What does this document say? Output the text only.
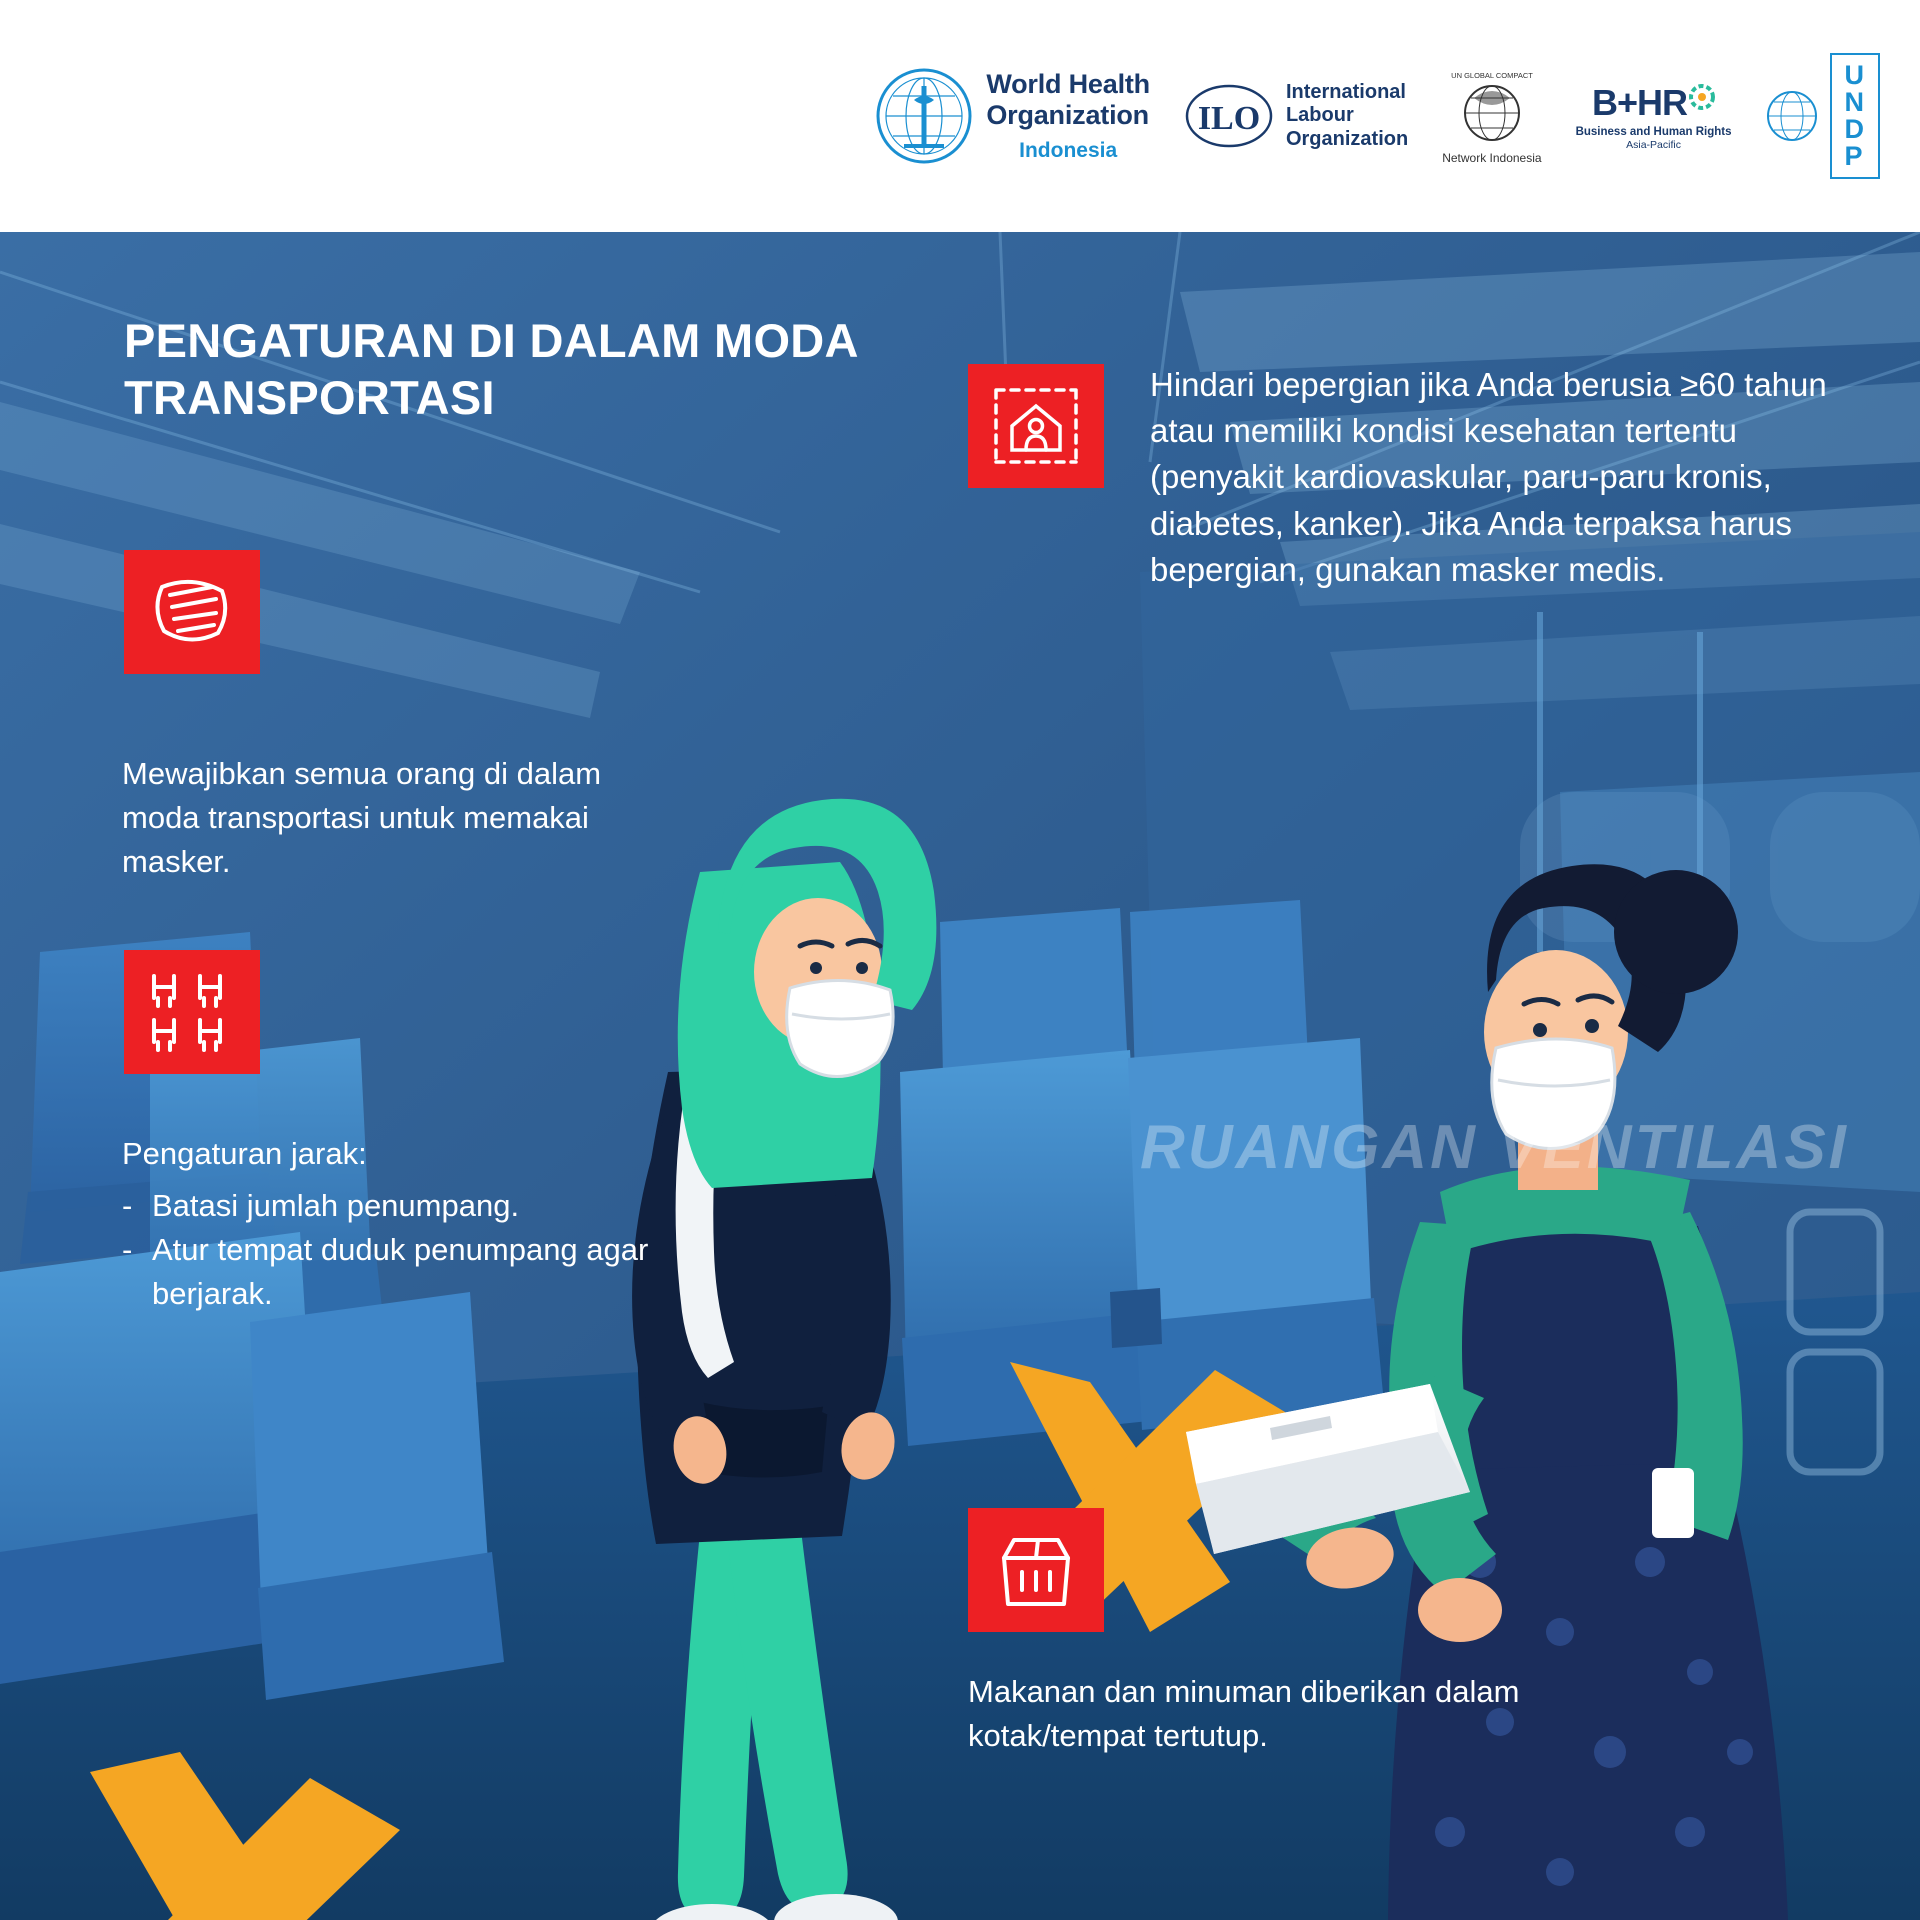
World Health
Organization
Indonesia
ILO
International
Labour
Organization
UN GLOBAL COMPACT
Network Indonesia
B+HR
Business and Human Rights
Asia-Pacific
U
N
D
P
RUANGAN VENTILASI
PENGATURAN DI DALAM MODA TRANSPORTASI
Mewajibkan semua orang di dalam moda transportasi untuk memakai masker.
Pengaturan jarak:
- Batasi jumlah penumpang.
- Atur tempat duduk penumpang agar berjarak.
Hindari bepergian jika Anda berusia ≥60 tahun atau memiliki kondisi kesehatan tertentu (penyakit kardiovaskular, paru-paru kronis, diabetes, kanker). Jika Anda terpaksa harus bepergian, gunakan masker medis.
Makanan dan minuman diberikan dalam kotak/tempat tertutup.
